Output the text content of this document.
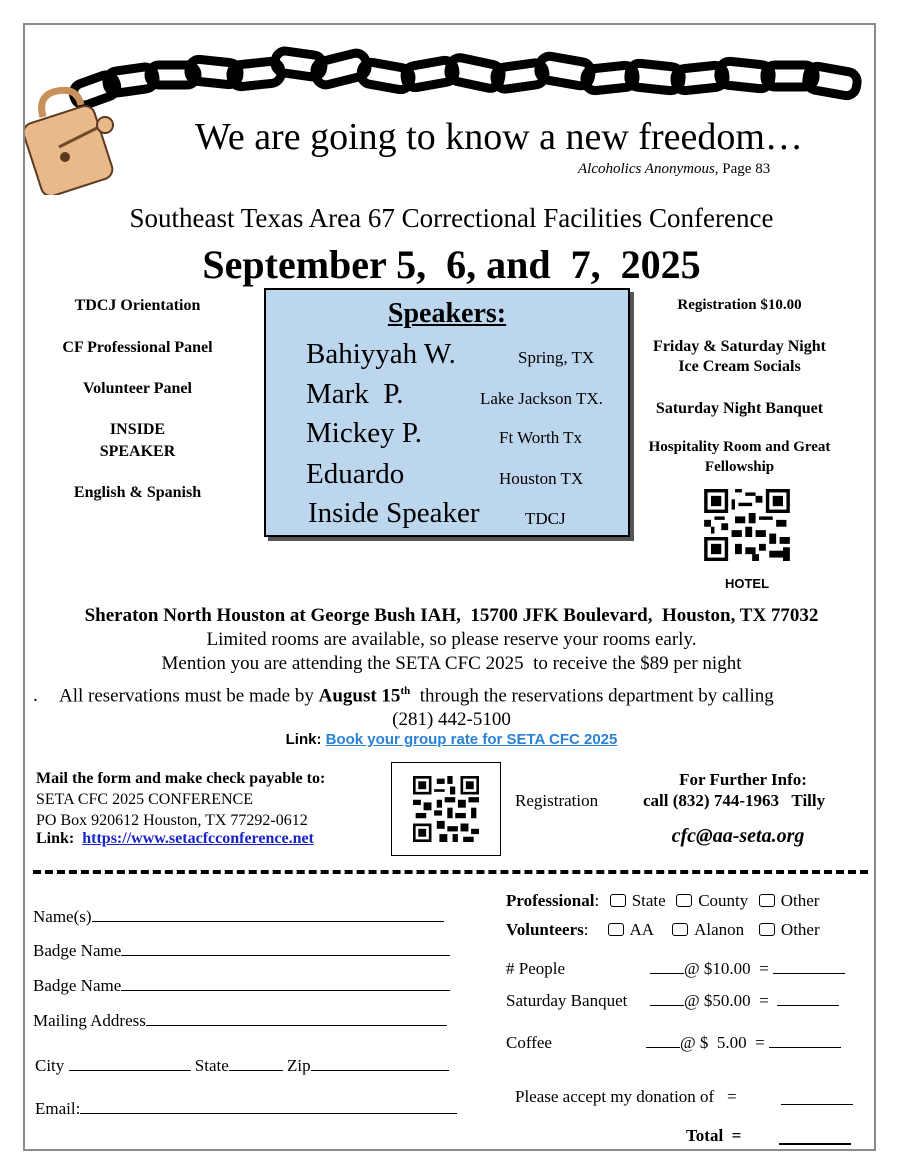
We are going to know a new freedom…
Alcoholics Anonymous, Page 83
Southeast Texas Area 67 Correctional Facilities Conference
September 5,  6, and  7,  2025
TDCJ Orientation
CF Professional Panel
Volunteer Panel
INSIDE
SPEAKER
English & Spanish
Speakers:
Bahiyyah W.	Spring, TX
Mark  P.	Lake Jackson TX.
Mickey P.	Ft Worth Tx
Eduardo	Houston TX
Inside Speaker	TDCJ
Registration $10.00
Friday & Saturday Night
Ice Cream Socials
Saturday Night Banquet
Hospitality Room and Great
Fellowship
HOTEL
Sheraton North Houston at George Bush IAH,  15700 JFK Boulevard,  Houston, TX 77032
Limited rooms are available, so please reserve your rooms early.
Mention you are attending the SETA CFC 2025  to receive the $89 per night
. All reservations must be made by August 15th  through the reservations department by calling
(281) 442-5100
Link: Book your group rate for SETA CFC 2025
Mail the form and make check payable to:
SETA CFC 2025 CONFERENCE
PO Box 920612 Houston, TX 77292-0612
Link:  https://www.setacfcconference.net
Registration
For Further Info:
call (832) 744-1963   Tilly
cfc@aa-seta.org
Name(s)
Badge Name
Badge Name
Mailing Address
City	State	Zip
Email:
Professional: State County Other
Volunteers: AA Alanon Other
# People	@ $10.00  =
Saturday Banquet	@ $50.00  =
Coffee	@ $  5.00  =
Please accept my donation of   =
Total  =
